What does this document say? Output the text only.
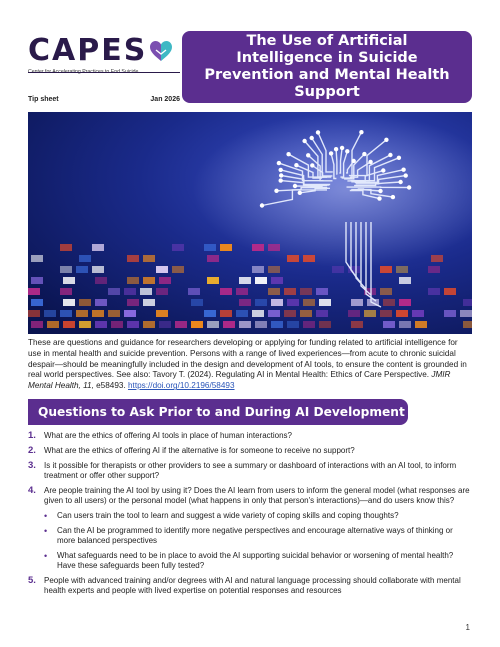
CAPES
Tip sheet	Jan 2026
The Use of Artificial Intelligence in Suicide Prevention and Mental Health Support
These are questions and guidance for researchers developing or applying for funding related to artificial intelligence for use in mental health and suicide prevention. Persons with a range of lived experiences—from acute to chronic suicidal despair—should be meaningfully included in the design and development of AI tools, to ensure the content is grounded in real world perspectives. See also: Tavory T. (2024). Regulating AI in Mental Health: Ethics of Care Perspective. JMIR Mental Health, 11, e58493. https://doi.org/10.2196/58493
Questions to Ask Prior to and During AI Development
1.	What are the ethics of offering AI tools in place of human interactions?
2.	What are the ethics of offering AI if the alternative is for someone to receive no support?
3.	Is it possible for therapists or other providers to see a summary or dashboard of interactions with an AI tool, to inform treatment or offer other support?
4.	Are people training the AI tool by using it? Does the AI learn from users to inform the general model (what responses are given to all users) or the personal model (what happens in only that person's interactions)—and do users know this?
•	Can users train the tool to learn and suggest a wide variety of coping skills and coping thoughts?
•	Can the AI be programmed to identify more negative perspectives and encourage alternative ways of thinking or more balanced perspectives
•	What safeguards need to be in place to avoid the AI supporting suicidal behavior or worsening of mental health? Have these safeguards been fully tested?
5.	People with advanced training and/or degrees with AI and natural language processing should collaborate with mental health experts and people with lived expertise on potential responses and resources
1
